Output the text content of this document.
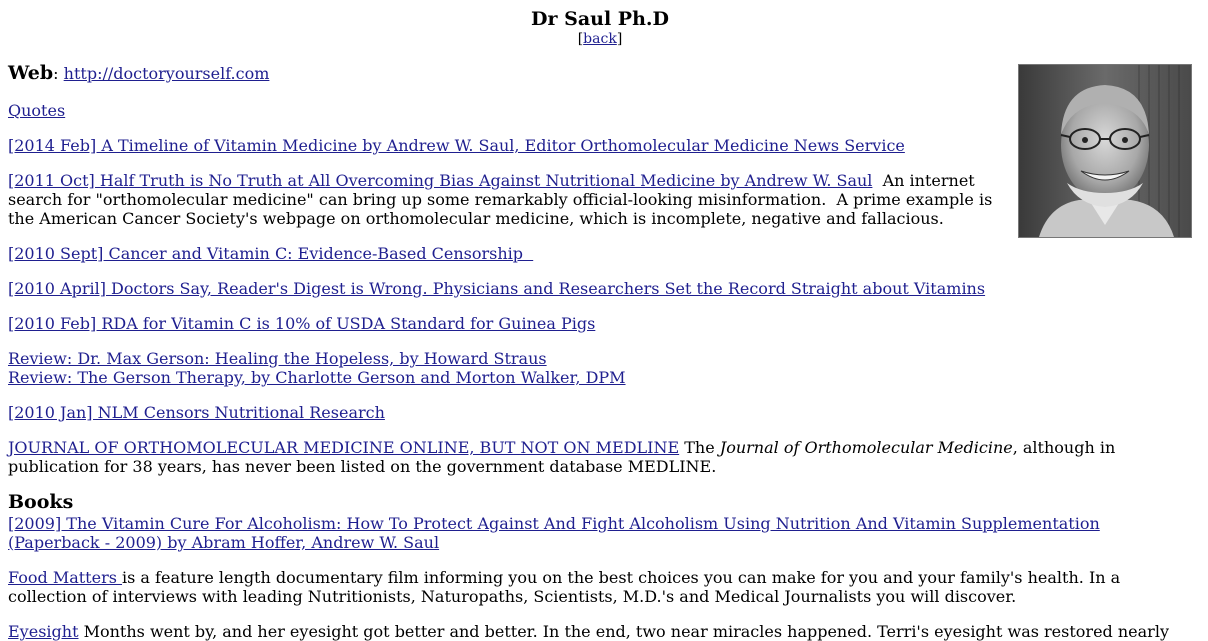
Dr Saul Ph.D
[back]
Web: http://doctoryourself.com
Quotes
[2014 Feb] A Timeline of Vitamin Medicine by Andrew W. Saul, Editor Orthomolecular Medicine News Service
[2011 Oct] Half Truth is No Truth at All Overcoming Bias Against Nutritional Medicine by Andrew W. Saul  An internet search for "orthomolecular medicine" can bring up some remarkably official-looking misinformation.  A prime example is the American Cancer Society's webpage on orthomolecular medicine, which is incomplete, negative and fallacious.
[2010 Sept] Cancer and Vitamin C: Evidence-Based Censorship
[2010 April] Doctors Say, Reader's Digest is Wrong. Physicians and Researchers Set the Record Straight about Vitamins
[2010 Feb] RDA for Vitamin C is 10% of USDA Standard for Guinea Pigs
Review: Dr. Max Gerson: Healing the Hopeless, by Howard Straus
Review: The Gerson Therapy, by Charlotte Gerson and Morton Walker, DPM
[2010 Jan] NLM Censors Nutritional Research
JOURNAL OF ORTHOMOLECULAR MEDICINE ONLINE, BUT NOT ON MEDLINE The Journal of Orthomolecular Medicine, although in publication for 38 years, has never been listed on the government database MEDLINE.
Books
[2009] The Vitamin Cure For Alcoholism: How To Protect Against And Fight Alcoholism Using Nutrition And Vitamin Supplementation (Paperback - 2009) by Abram Hoffer, Andrew W. Saul
Food Matters is a feature length documentary film informing you on the best choices you can make for you and your family's health. In a collection of interviews with leading Nutritionists, Naturopaths, Scientists, M.D.'s and Medical Journalists you will discover.
Eyesight Months went by, and her eyesight got better and better. In the end, two near miracles happened. Terri's eyesight was restored nearly
